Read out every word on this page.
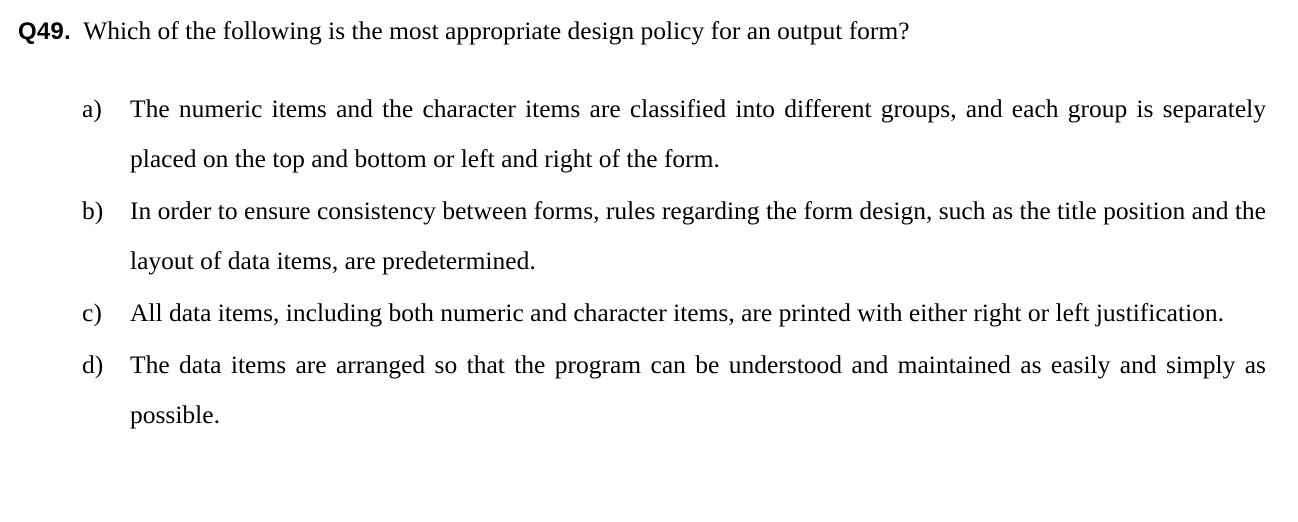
Q49. Which of the following is the most appropriate design policy for an output form?
a)	The numeric items and the character items are classified into different groups, and each group is separately placed on the top and bottom or left and right of the form.
b)	In order to ensure consistency between forms, rules regarding the form design, such as the title position and the layout of data items, are predetermined.
c)	All data items, including both numeric and character items, are printed with either right or left justification.
d)	The data items are arranged so that the program can be understood and maintained as easily and simply as possible.
